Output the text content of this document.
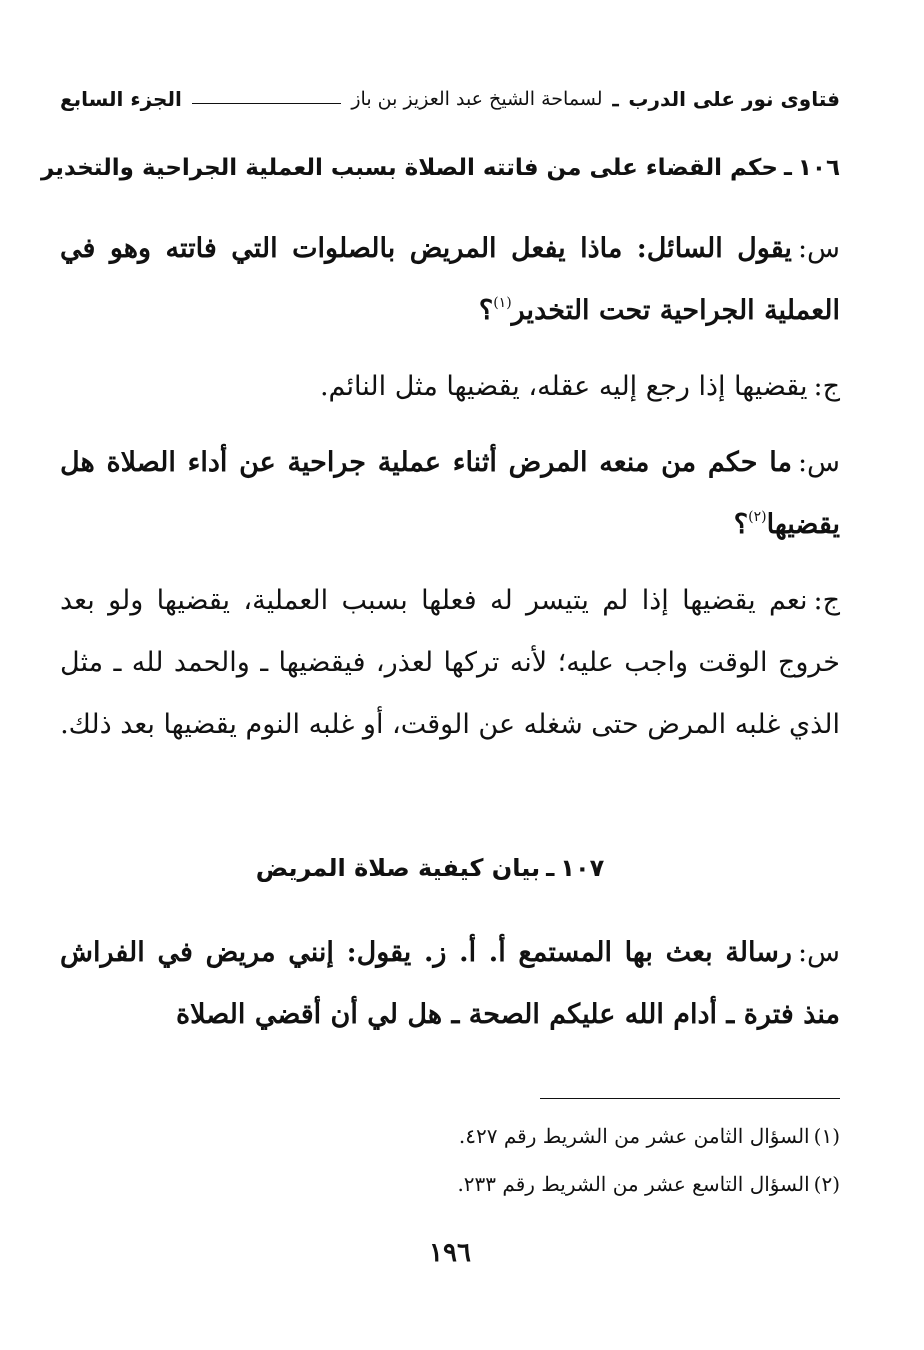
فتاوى نور على الدرب
ـ
لسماحة الشيخ عبد العزيز بن باز
الجزء السابع
١٠٦
ـ
حكم القضاء على من فاتته الصلاة بسبب العملية الجراحية والتخدير
س:يقول السائل: ماذا يفعل المريض بالصلوات التي فاتته وهو في العملية الجراحية تحت التخدير$^{(١)}$؟
ج:يقضيها إذا رجع إليه عقله، يقضيها مثل النائم.
س:ما حكم من منعه المرض أثناء عملية جراحية عن أداء الصلاة هل يقضيها$^{(٢)}$؟
ج:نعم يقضيها إذا لم يتيسر له فعلها بسبب العملية، يقضيها ولو بعد خروج الوقت واجب عليه؛ لأنه تركها لعذر، فيقضيها ـ والحمد لله ـ مثل الذي غلبه المرض حتى شغله عن الوقت، أو غلبه النوم يقضيها بعد ذلك.
١٠٧
ـ
بيان كيفية صلاة المريض
س:رسالة بعث بها المستمع أ. أ. ز. يقول: إنني مريض في الفراش منذ فترة ـ أدام الله عليكم الصحة ـ هل لي أن أقضي الصلاة
(١)السؤال الثامن عشر من الشريط رقم ٤٢٧.
(٢)السؤال التاسع عشر من الشريط رقم ٢٣٣.
١٩٦
